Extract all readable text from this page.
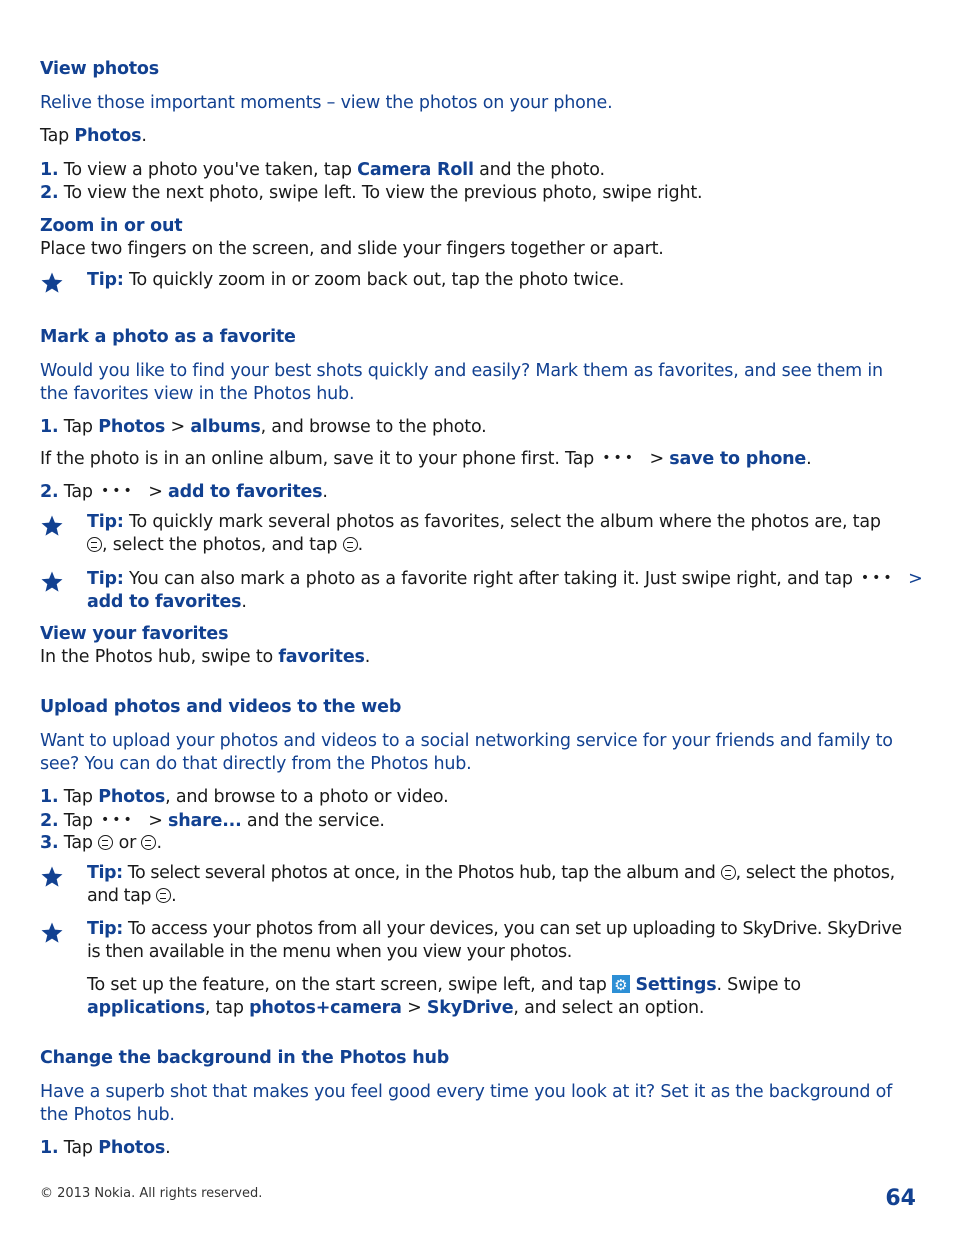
View photos
Relive those important moments – view the photos on your phone.
Tap Photos.
1. To view a photo you've taken, tap Camera Roll and the photo.
2. To view the next photo, swipe left. To view the previous photo, swipe right.
Zoom in or out
Place two fingers on the screen, and slide your fingers together or apart.
Tip: To quickly zoom in or zoom back out, tap the photo twice.
Mark a photo as a favorite
Would you like to find your best shots quickly and easily? Mark them as favorites, and see them in
the favorites view in the Photos hub.
1. Tap Photos > albums, and browse to the photo.
If the photo is in an online album, save it to your phone first. Tap ••• > save to phone.
2. Tap ••• > add to favorites.
Tip: To quickly mark several photos as favorites, select the album where the photos are, tap
, select the photos, and tap .
Tip: You can also mark a photo as a favorite right after taking it. Just swipe right, and tap ••• >
add to favorites.
View your favorites
In the Photos hub, swipe to favorites.
Upload photos and videos to the web
Want to upload your photos and videos to a social networking service for your friends and family to
see? You can do that directly from the Photos hub.
1. Tap Photos, and browse to a photo or video.
2. Tap ••• > share... and the service.
3. Tap  or .
Tip: To select several photos at once, in the Photos hub, tap the album and , select the photos,
and tap .
Tip: To access your photos from all your devices, you can set up uploading to SkyDrive. SkyDrive
is then available in the menu when you view your photos.
To set up the feature, on the start screen, swipe left, and tap ⚙ Settings. Swipe to
applications, tap photos+camera > SkyDrive, and select an option.
Change the background in the Photos hub
Have a superb shot that makes you feel good every time you look at it? Set it as the background of
the Photos hub.
1. Tap Photos.
© 2013 Nokia. All rights reserved.	64
